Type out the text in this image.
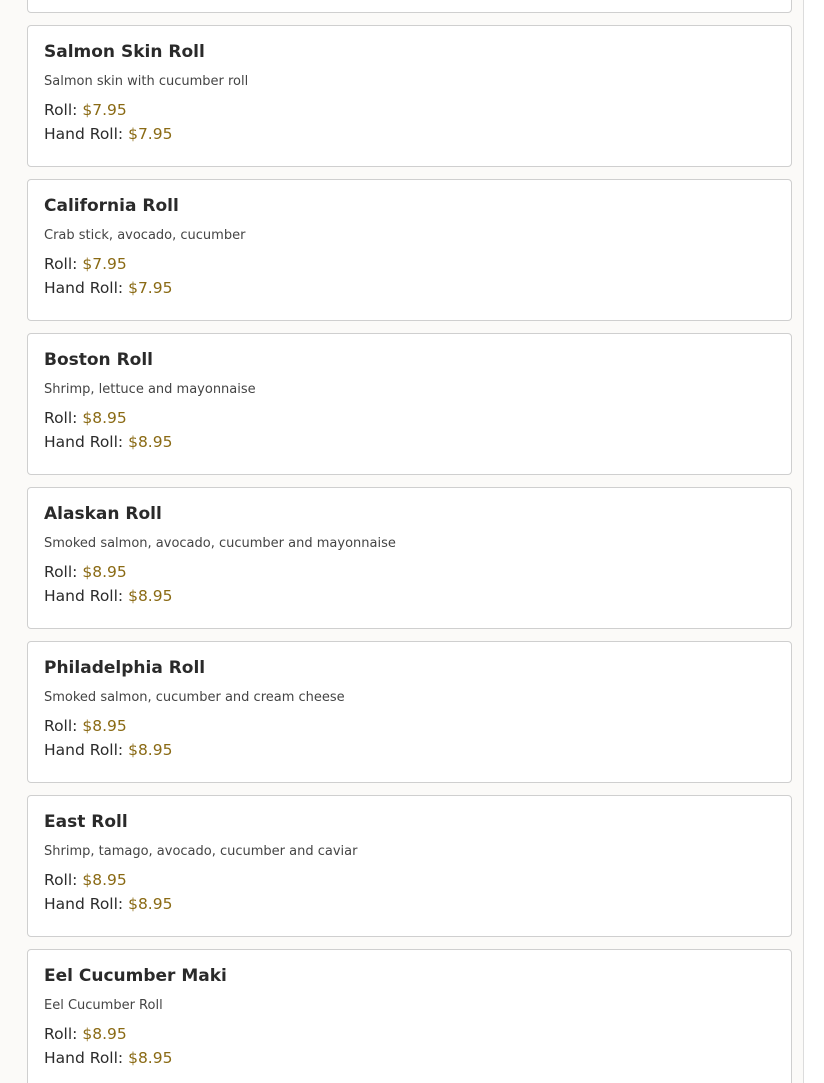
Salmon Skin Roll
Salmon skin with cucumber roll
Roll: $7.95
Hand Roll: $7.95
California Roll
Crab stick, avocado, cucumber
Roll: $7.95
Hand Roll: $7.95
Boston Roll
Shrimp, lettuce and mayonnaise
Roll: $8.95
Hand Roll: $8.95
Alaskan Roll
Smoked salmon, avocado, cucumber and mayonnaise
Roll: $8.95
Hand Roll: $8.95
Philadelphia Roll
Smoked salmon, cucumber and cream cheese
Roll: $8.95
Hand Roll: $8.95
East Roll
Shrimp, tamago, avocado, cucumber and caviar
Roll: $8.95
Hand Roll: $8.95
Eel Cucumber Maki
Eel Cucumber Roll
Roll: $8.95
Hand Roll: $8.95
